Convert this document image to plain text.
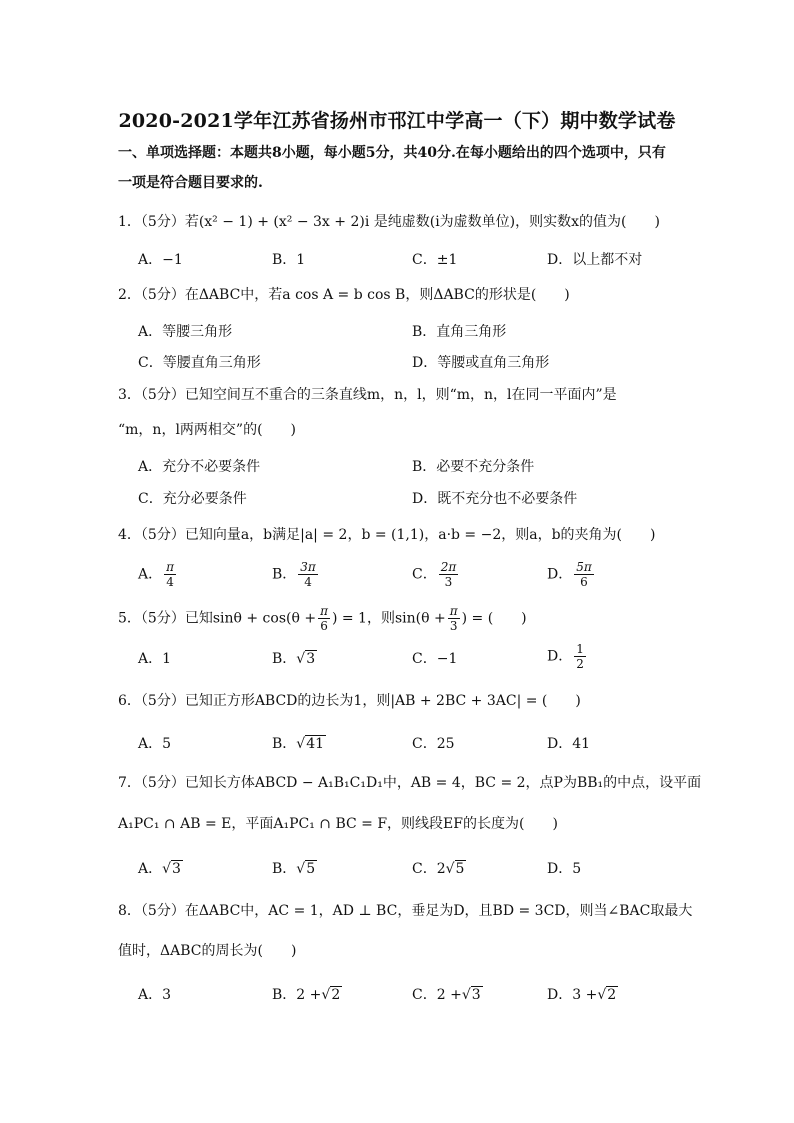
2020-2021学年江苏省扬州市邗江中学高一（下）期中数学试卷
一、单项选择题：本题共8小题，每小题5分，共40分.在每小题给出的四个选项中，只有
一项是符合题目要求的.
1．（5分）若(x² − 1) + (x² − 3x + 2)i 是纯虚数(i为虚数单位)，则实数x的值为(　　)
A．−1	B．1	C．±1	D．以上都不对
2．（5分）在ΔABC中，若a cos A = b cos B，则ΔABC的形状是(　　)
A．等腰三角形	B．直角三角形
C．等腰直角三角形	D．等腰或直角三角形
3．（5分）已知空间互不重合的三条直线m，n，l，则“m，n，l在同一平面内”是
“m，n，l两两相交”的(　　)
A．充分不必要条件	B．必要不充分条件
C．充分必要条件	D．既不充分也不必要条件
4．（5分）已知向量a，b满足|a| = 2，b = (1,1)，a·b = −2，则a，b的夹角为(　　)
A． $\frac{\pi}{4}$	B． $\frac{3\pi}{4}$	C． $\frac{2\pi}{3}$	D． $\frac{5\pi}{6}$
5．（5分）已知$\sin\theta + \cos(\theta + \frac{\pi}{6}$ ) = 1，则$\sin(\theta + \frac{\pi}{3}$ ) = (　　)
A．1	B．√3	C．−1	D． $\frac{1}{2}$
6．（5分）已知正方形ABCD的边长为1，则|AB + 2BC + 3AC| = (　　)
A．5	B．√41	C．25	D．41
7．（5分）已知长方体ABCD − A₁B₁C₁D₁中，AB = 4，BC = 2，点P为BB₁的中点，设平面
A₁PC₁ ∩ AB = E，平面A₁PC₁ ∩ BC = F，则线段EF的长度为(　　)
A．√3	B．√5	C．2√5	D．5
8．（5分）在ΔABC中，AC = 1，AD ⊥ BC，垂足为D，且BD = 3CD，则当∠BAC取最大
值时，ΔABC的周长为(　　)
A．3	B．2 +√2	C．2 +√3	D．3 +√2
